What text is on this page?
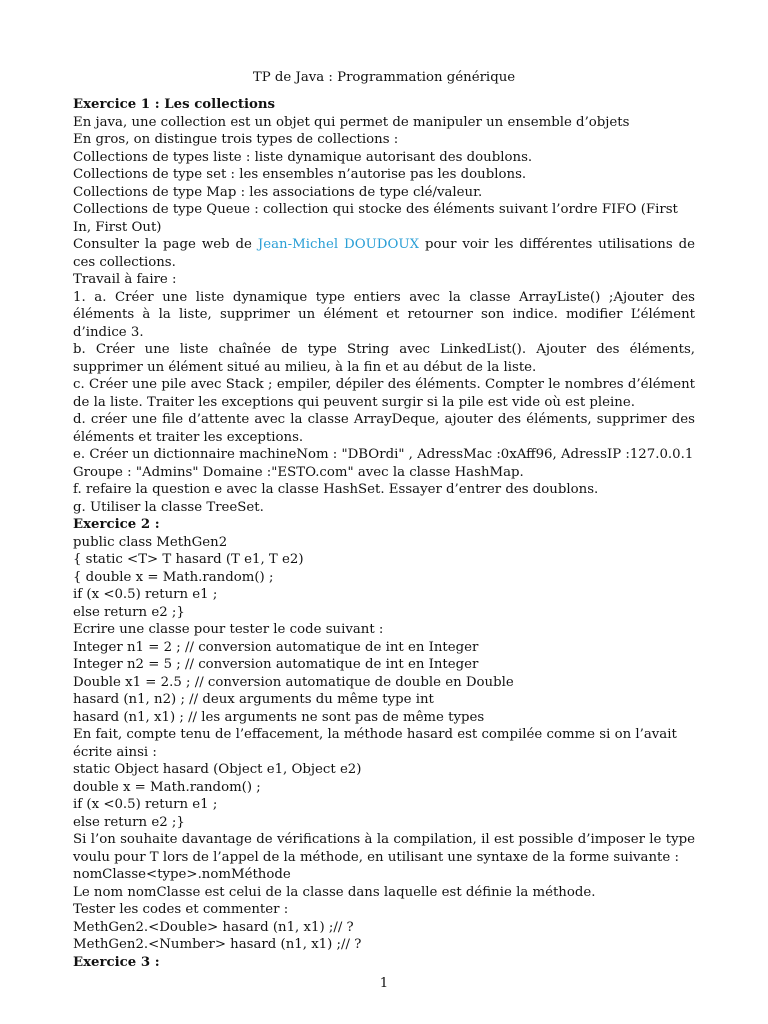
TP de Java : Programmation générique

Exercice 1 : Les collections

En java, une collection est un objet qui permet de manipuler un ensemble d’objets

En gros, on distingue trois types de collections :

Collections de types liste : liste dynamique autorisant des doublons.

Collections de type set : les ensembles n’autorise pas les doublons.

Collections de type Map : les associations de type clé/valeur.

Collections de type Queue : collection qui stocke des éléments suivant l’ordre FIFO (First In, First Out)

Consulter la page web de Jean-Michel DOUDOUX pour voir les différentes utilisations de ces collections.

Travail à faire :

1. a. Créer une liste dynamique type entiers avec la classe ArrayListe() ;Ajouter des éléments à la liste, supprimer un élément et retourner son indice. modifier L’élément d’indice 3.

b. Créer une liste chaînée de type String avec LinkedList(). Ajouter des éléments, supprimer un élément situé au milieu, à la fin et au début de la liste.

c. Créer une pile avec Stack ; empiler, dépiler des éléments. Compter le nombres d’élément de la liste. Traiter les exceptions qui peuvent surgir si la pile est vide où est pleine.

d. créer une file d’attente avec la classe ArrayDeque, ajouter des éléments, supprimer des éléments et traiter les exceptions.

e. Créer un dictionnaire machineNom : "DBOrdi" , AdressMac :0xAff96, AdressIP :127.0.0.1

Groupe : "Admins" Domaine :"ESTO.com" avec la classe HashMap.

f. refaire la question e avec la classe HashSet. Essayer d’entrer des doublons.

g. Utiliser la classe TreeSet.

Exercice 2 :

public class MethGen2

{ static <T> T hasard (T e1, T e2)

{ double x = Math.random() ;

if (x <0.5) return e1 ;

else return e2 ;}

Ecrire une classe pour tester le code suivant :

Integer n1 = 2 ; // conversion automatique de int en Integer

Integer n2 = 5 ; // conversion automatique de int en Integer

Double x1 = 2.5 ; // conversion automatique de double en Double

hasard (n1, n2) ; // deux arguments du même type int

hasard (n1, x1) ; // les arguments ne sont pas de même types

En fait, compte tenu de l’effacement, la méthode hasard est compilée comme si on l’avait écrite ainsi :

static Object hasard (Object e1, Object e2)

double x = Math.random() ;

if (x <0.5) return e1 ;

else return e2 ;}

Si l’on souhaite davantage de vérifications à la compilation, il est possible d’imposer le type voulu pour T lors de l’appel de la méthode, en utilisant une syntaxe de la forme suivante :

nomClasse<type>.nomMéthode

Le nom nomClasse est celui de la classe dans laquelle est définie la méthode.

Tester les codes et commenter :

MethGen2.<Double> hasard (n1, x1) ;// ?

MethGen2.<Number> hasard (n1, x1) ;// ?

Exercice 3 :

1
